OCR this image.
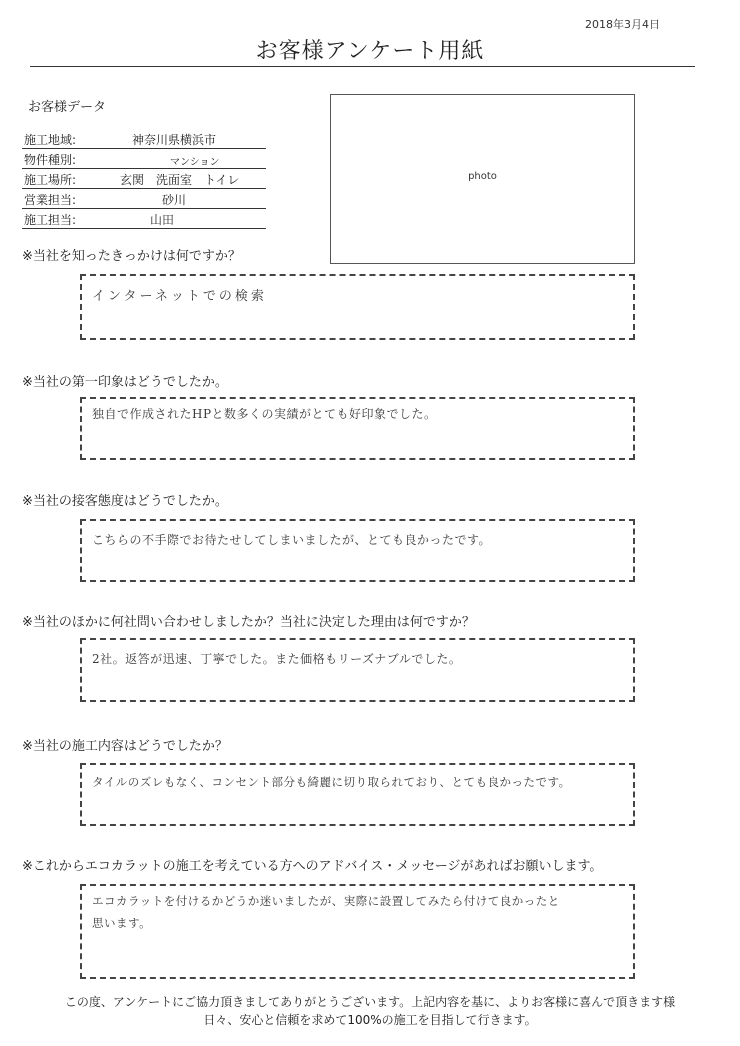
2018年3月4日
お客様アンケート用紙
お客様データ
施工地域:	神奈川県横浜市
物件種別:	マンション
施工場所:	玄関　洗面室　トイレ
営業担当:	砂川
施工担当:	山田
photo
※当社を知ったきっかけは何ですか？
インターネットでの検索
※当社の第一印象はどうでしたか。
独自で作成されたHPと数多くの実績がとても好印象でした。
※当社の接客態度はどうでしたか。
こちらの不手際でお待たせしてしまいましたが、とても良かったです。
※当社のほかに何社問い合わせしましたか？当社に決定した理由は何ですか？
2社。返答が迅速、丁寧でした。また価格もリーズナブルでした。
※当社の施工内容はどうでしたか？
タイルのズレもなく、コンセント部分も綺麗に切り取られており、とても良かったです。
※これからエコカラットの施工を考えている方へのアドバイス・メッセージがあればお願いします。
エコカラットを付けるかどうか迷いましたが、実際に設置してみたら付けて良かったと思います。
この度、アンケートにご協力頂きましてありがとうございます。上記内容を基に、よりお客様に喜んで頂きます様
日々、安心と信頼を求めて100%の施工を目指して行きます。
